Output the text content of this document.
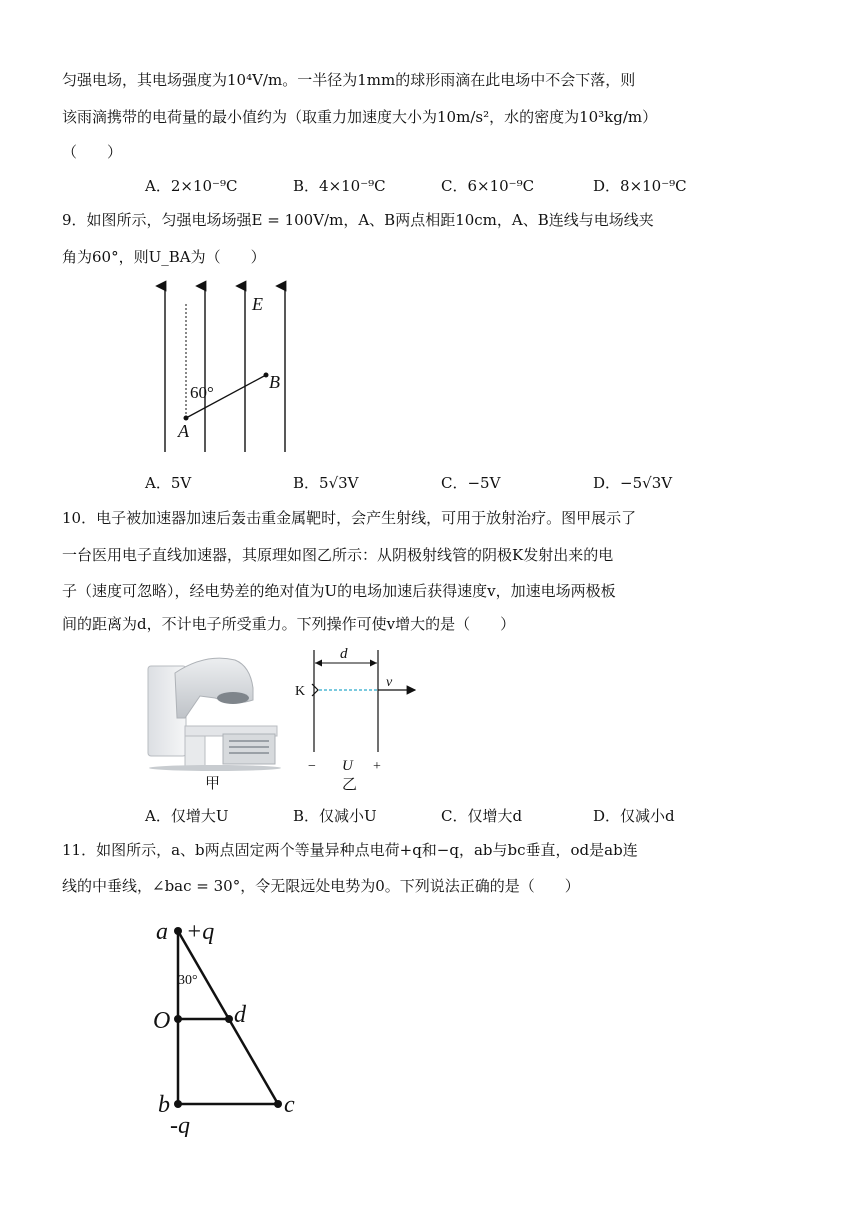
匀强电场，其电场强度为10⁴V/m。一半径为1mm的球形雨滴在此电场中不会下落，则
该雨滴携带的电荷量的最小值约为（取重力加速度大小为10m/s²，水的密度为10³kg/m）
（　　）
A．2×10⁻⁹C	B．4×10⁻⁹C	C．6×10⁻⁹C	D．8×10⁻⁹C
9．如图所示，匀强电场场强E = 100V/m，A、B两点相距10cm，A、B连线与电场线夹
角为60°，则U_BA为（　　）
E
60°
A
B
A．5V	B．5√3V	C．−5V	D．−5√3V
10．电子被加速器加速后轰击重金属靶时，会产生射线，可用于放射治疗。图甲展示了
一台医用电子直线加速器，其原理如图乙所示：从阴极射线管的阴极K发射出来的电
子（速度可忽略），经电势差的绝对值为U的电场加速后获得速度v，加速电场两极板
间的距离为d，不计电子所受重力。下列操作可使v增大的是（　　）
甲
d
K
v
− U +
乙
A．仅增大U	B．仅减小U	C．仅增大d	D．仅减小d
11．如图所示，a、b两点固定两个等量异种点电荷+q和−q，ab与bc垂直，od是ab连
线的中垂线，∠bac = 30°，令无限远处电势为0。下列说法正确的是（　　）
a +q
30°
O	d
b
-q
c
